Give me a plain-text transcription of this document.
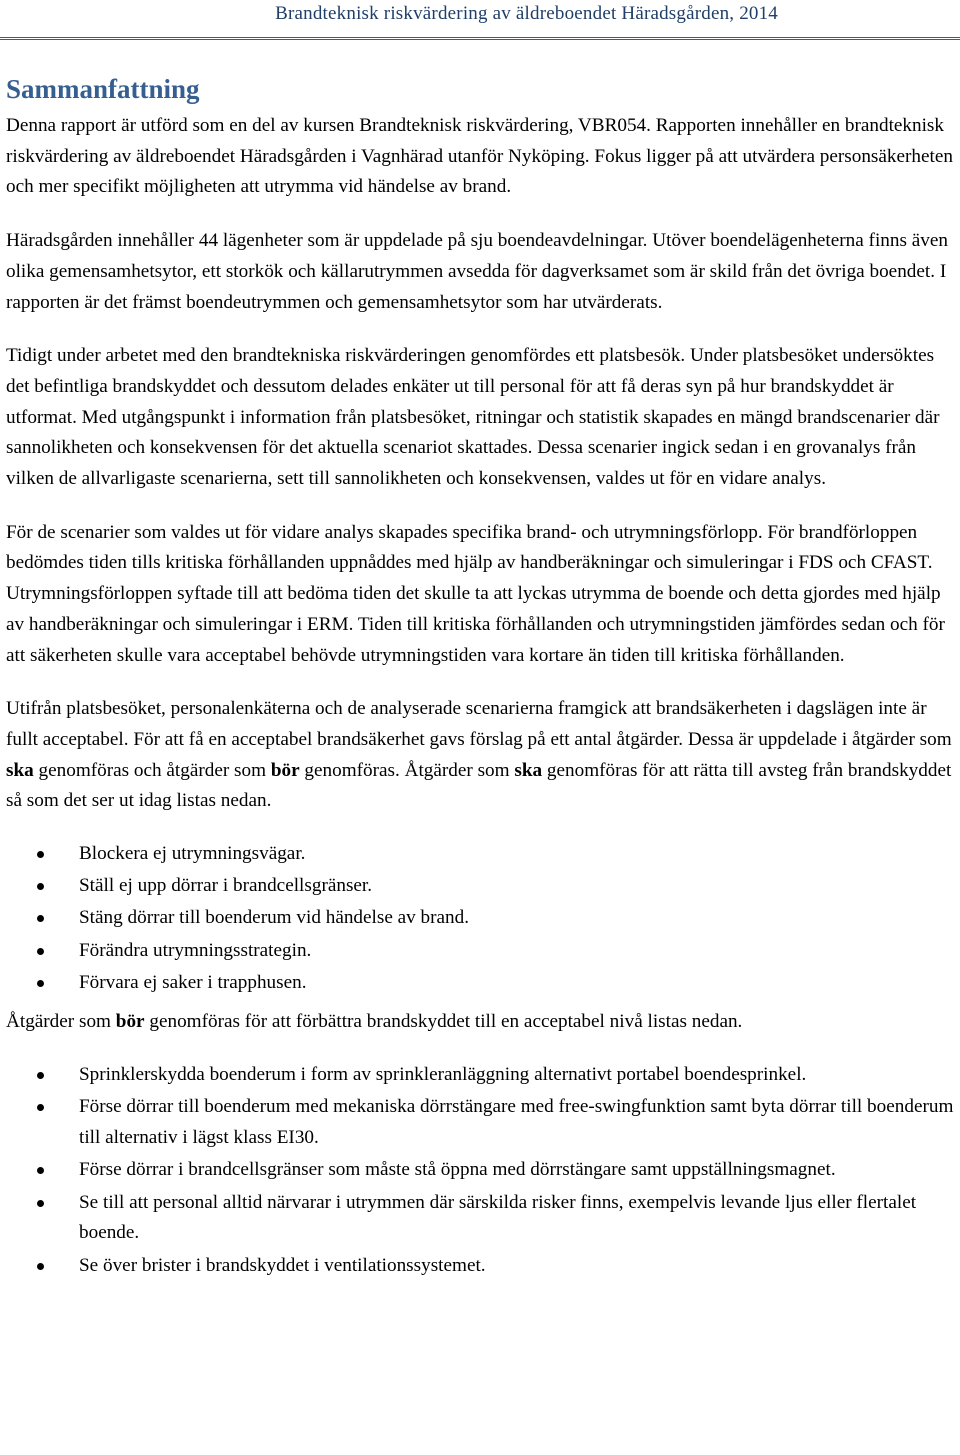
Brandteknisk riskvärdering av äldreboendet Häradsgården, 2014
Sammanfattning

Denna rapport är utförd som en del av kursen Brandteknisk riskvärdering, VBR054. Rapporten innehåller en brandteknisk riskvärdering av äldreboendet Häradsgården i Vagnhärad utanför Nyköping. Fokus ligger på att utvärdera personsäkerheten och mer specifikt möjligheten att utrymma vid händelse av brand.

Häradsgården innehåller 44 lägenheter som är uppdelade på sju boendeavdelningar. Utöver boendelägenheterna finns även olika gemensamhetsytor, ett storkök och källarutrymmen avsedda för dagverksamet som är skild från det övriga boendet. I rapporten är det främst boendeutrymmen och gemensamhetsytor som har utvärderats.

Tidigt under arbetet med den brandtekniska riskvärderingen genomfördes ett platsbesök. Under platsbesöket undersöktes det befintliga brandskyddet och dessutom delades enkäter ut till personal för att få deras syn på hur brandskyddet är utformat. Med utgångspunkt i information från platsbesöket, ritningar och statistik skapades en mängd brandscenarier där sannolikheten och konsekvensen för det aktuella scenariot skattades. Dessa scenarier ingick sedan i en grovanalys från vilken de allvarligaste scenarierna, sett till sannolikheten och konsekvensen, valdes ut för en vidare analys.

För de scenarier som valdes ut för vidare analys skapades specifika brand- och utrymningsförlopp. För brandförloppen bedömdes tiden tills kritiska förhållanden uppnåddes med hjälp av handberäkningar och simuleringar i FDS och CFAST. Utrymningsförloppen syftade till att bedöma tiden det skulle ta att lyckas utrymma de boende och detta gjordes med hjälp av handberäkningar och simuleringar i ERM. Tiden till kritiska förhållanden och utrymningstiden jämfördes sedan och för att säkerheten skulle vara acceptabel behövde utrymningstiden vara kortare än tiden till kritiska förhållanden.

Utifrån platsbesöket, personalenkäterna och de analyserade scenarierna framgick att brandsäkerheten i dagslägen inte är fullt acceptabel. För att få en acceptabel brandsäkerhet gavs förslag på ett antal åtgärder. Dessa är uppdelade i åtgärder som ska genomföras och åtgärder som bör genomföras. Åtgärder som ska genomföras för att rätta till avsteg från brandskyddet så som det ser ut idag listas nedan.

Blockera ej utrymningsvägar.
Ställ ej upp dörrar i brandcellsgränser.
Stäng dörrar till boenderum vid händelse av brand.
Förändra utrymningsstrategin.
Förvara ej saker i trapphusen.

Åtgärder som bör genomföras för att förbättra brandskyddet till en acceptabel nivå listas nedan.

Sprinklerskydda boenderum i form av sprinkleranläggning alternativt portabel boendesprinkel.
Förse dörrar till boenderum med mekaniska dörrstängare med free-swingfunktion samt byta dörrar till boenderum till alternativ i lägst klass EI30.
Förse dörrar i brandcellsgränser som måste stå öppna med dörrstängare samt uppställningsmagnet.
Se till att personal alltid närvarar i utrymmen där särskilda risker finns, exempelvis levande ljus eller flertalet boende.
Se över brister i brandskyddet i ventilationssystemet.
